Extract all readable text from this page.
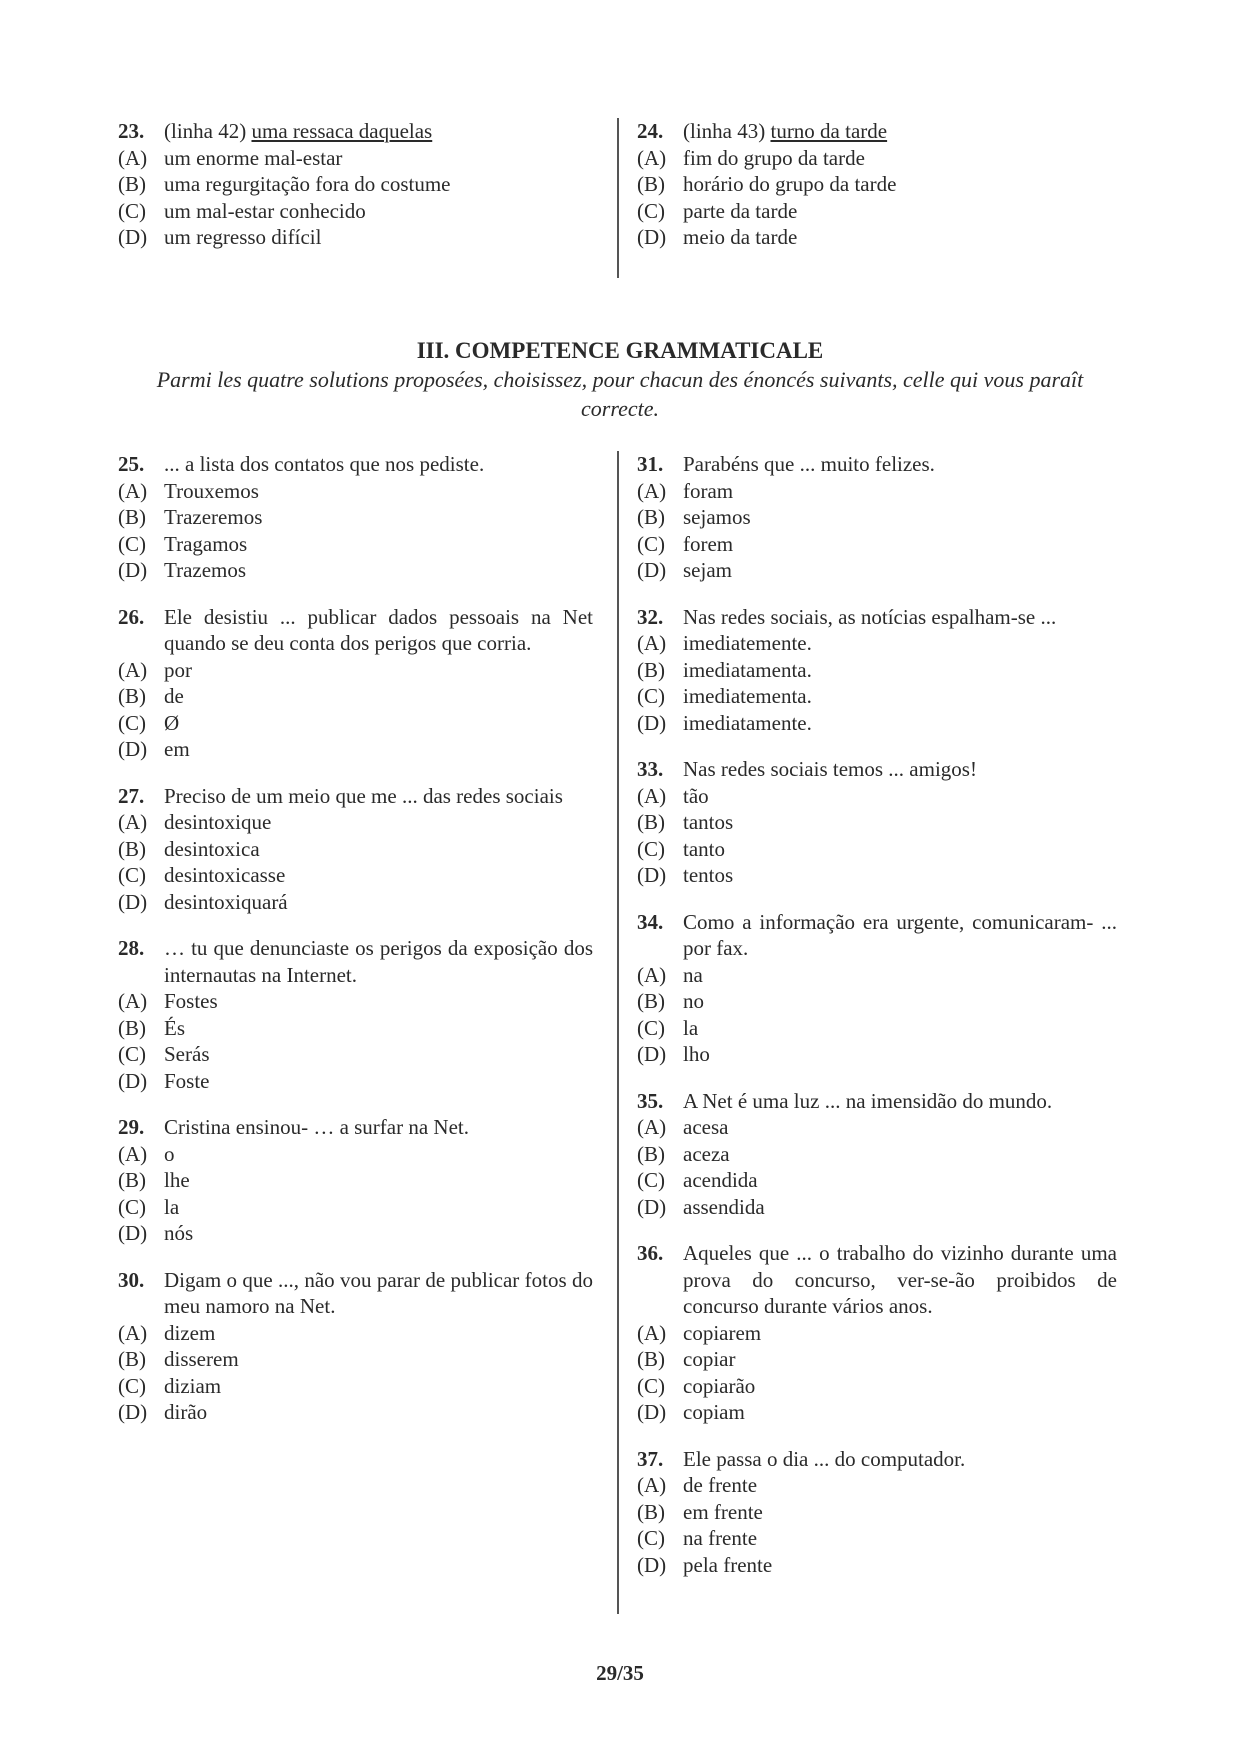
23. (linha 42) uma ressaca daquelas
(A) um enorme mal-estar
(B) uma regurgitação fora do costume
(C) um mal-estar conhecido
(D) um regresso difícil
24. (linha 43) turno da tarde
(A) fim do grupo da tarde
(B) horário do grupo da tarde
(C) parte da tarde
(D) meio da tarde
III. COMPETENCE GRAMMATICALE
Parmi les quatre solutions proposées, choisissez, pour chacun des énoncés suivants, celle qui vous paraît correcte.
25. ... a lista dos contatos que nos pediste.
(A) Trouxemos
(B) Trazeremos
(C) Tragamos
(D) Trazemos
26. Ele desistiu ... publicar dados pessoais na Net quando se deu conta dos perigos que corria.
(A) por
(B) de
(C) Ø
(D) em
27. Preciso de um meio que me ... das redes sociais
(A) desintoxique
(B) desintoxica
(C) desintoxicasse
(D) desintoxiquará
28. … tu que denunciaste os perigos da exposição dos internautas na Internet.
(A) Fostes
(B) És
(C) Serás
(D) Foste
29. Cristina ensinou- … a surfar na Net.
(A) o
(B) lhe
(C) la
(D) nós
30. Digam o que ..., não vou parar de publicar fotos do meu namoro na Net.
(A) dizem
(B) disserem
(C) diziam
(D) dirão
31. Parabéns que ... muito felizes.
(A) foram
(B) sejamos
(C) forem
(D) sejam
32. Nas redes sociais, as notícias espalham-se ...
(A) imediatemente.
(B) imediatamenta.
(C) imediatementa.
(D) imediatamente.
33. Nas redes sociais temos ... amigos!
(A) tão
(B) tantos
(C) tanto
(D) tentos
34. Como a informação era urgente, comunicaram- ... por fax.
(A) na
(B) no
(C) la
(D) lho
35. A Net é uma luz ... na imensidão do mundo.
(A) acesa
(B) aceza
(C) acendida
(D) assendida
36. Aqueles que ... o trabalho do vizinho durante uma prova do concurso, ver-se-ão proibidos de concurso durante vários anos.
(A) copiarem
(B) copiar
(C) copiarão
(D) copiam
37. Ele passa o dia ... do computador.
(A) de frente
(B) em frente
(C) na frente
(D) pela frente
29/35
